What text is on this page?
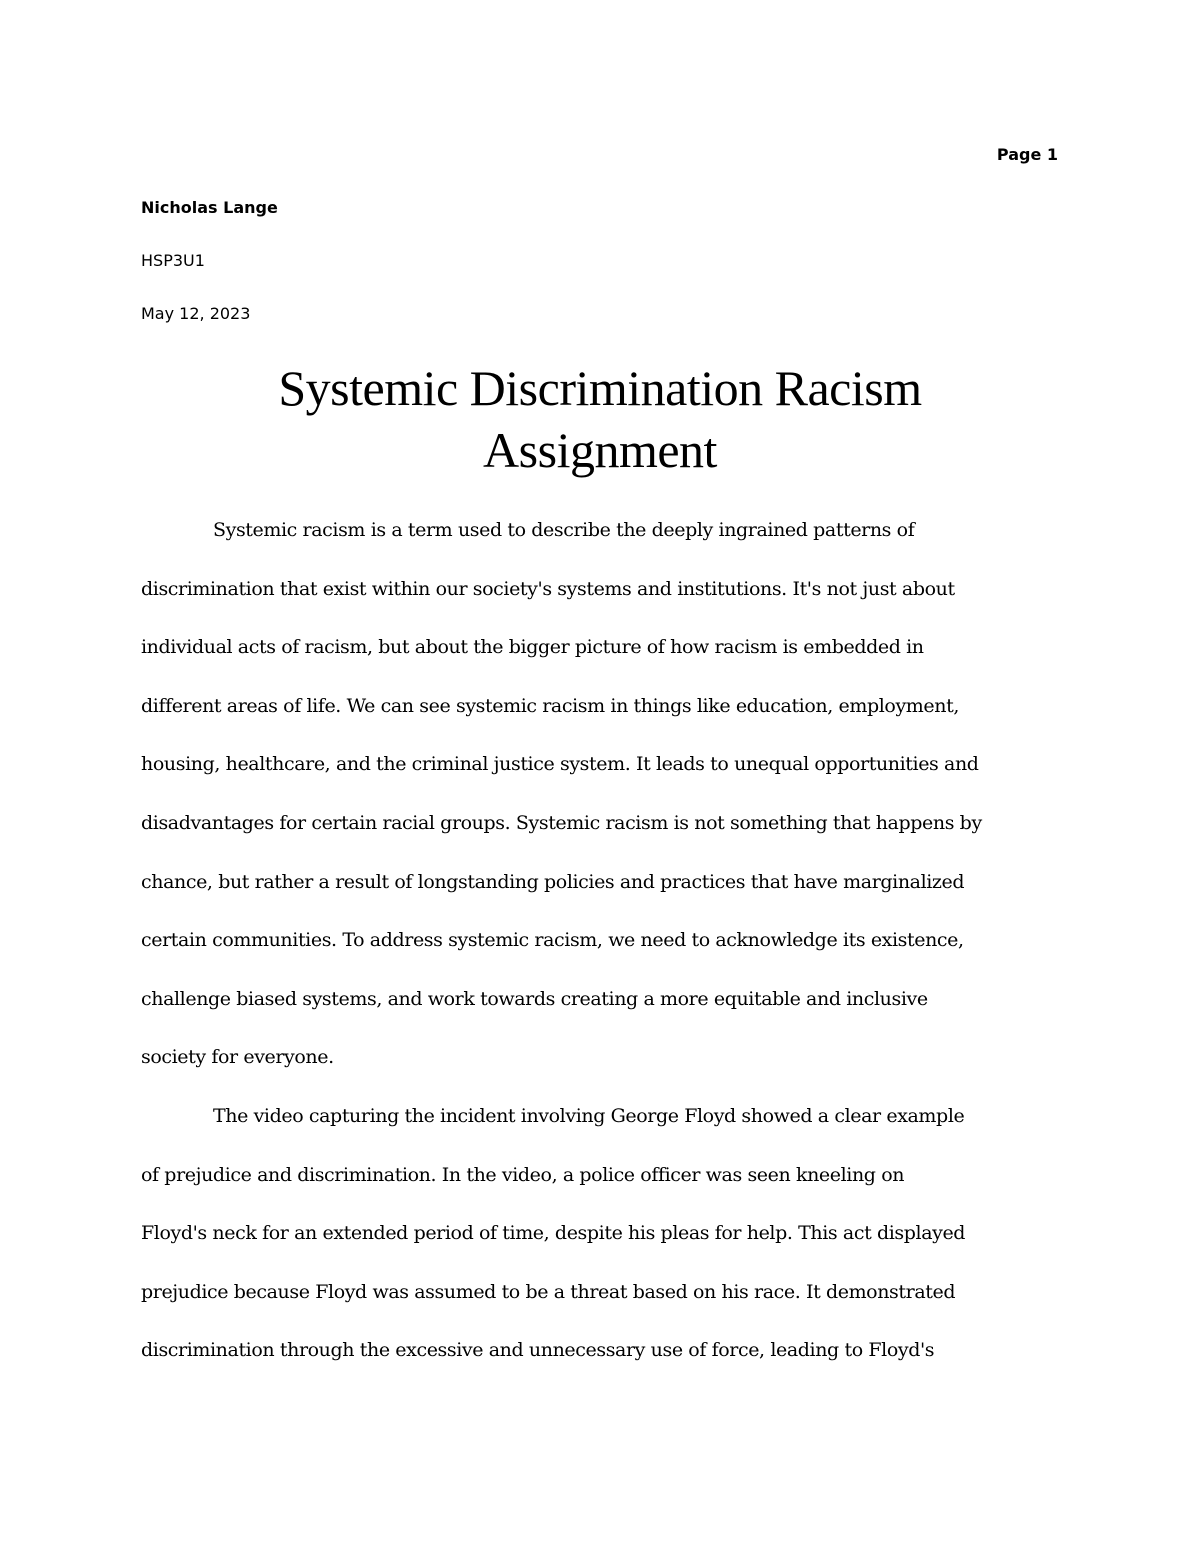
Page 1
Nicholas Lange
HSP3U1
May 12, 2023
Systemic Discrimination Racism
Assignment
Systemic racism is a term used to describe the deeply ingrained patterns of
discrimination that exist within our society's systems and institutions. It's not just about
individual acts of racism, but about the bigger picture of how racism is embedded in
different areas of life. We can see systemic racism in things like education, employment,
housing, healthcare, and the criminal justice system. It leads to unequal opportunities and
disadvantages for certain racial groups. Systemic racism is not something that happens by
chance, but rather a result of longstanding policies and practices that have marginalized
certain communities. To address systemic racism, we need to acknowledge its existence,
challenge biased systems, and work towards creating a more equitable and inclusive
society for everyone.
The video capturing the incident involving George Floyd showed a clear example
of prejudice and discrimination. In the video, a police officer was seen kneeling on
Floyd's neck for an extended period of time, despite his pleas for help. This act displayed
prejudice because Floyd was assumed to be a threat based on his race. It demonstrated
discrimination through the excessive and unnecessary use of force, leading to Floyd's
